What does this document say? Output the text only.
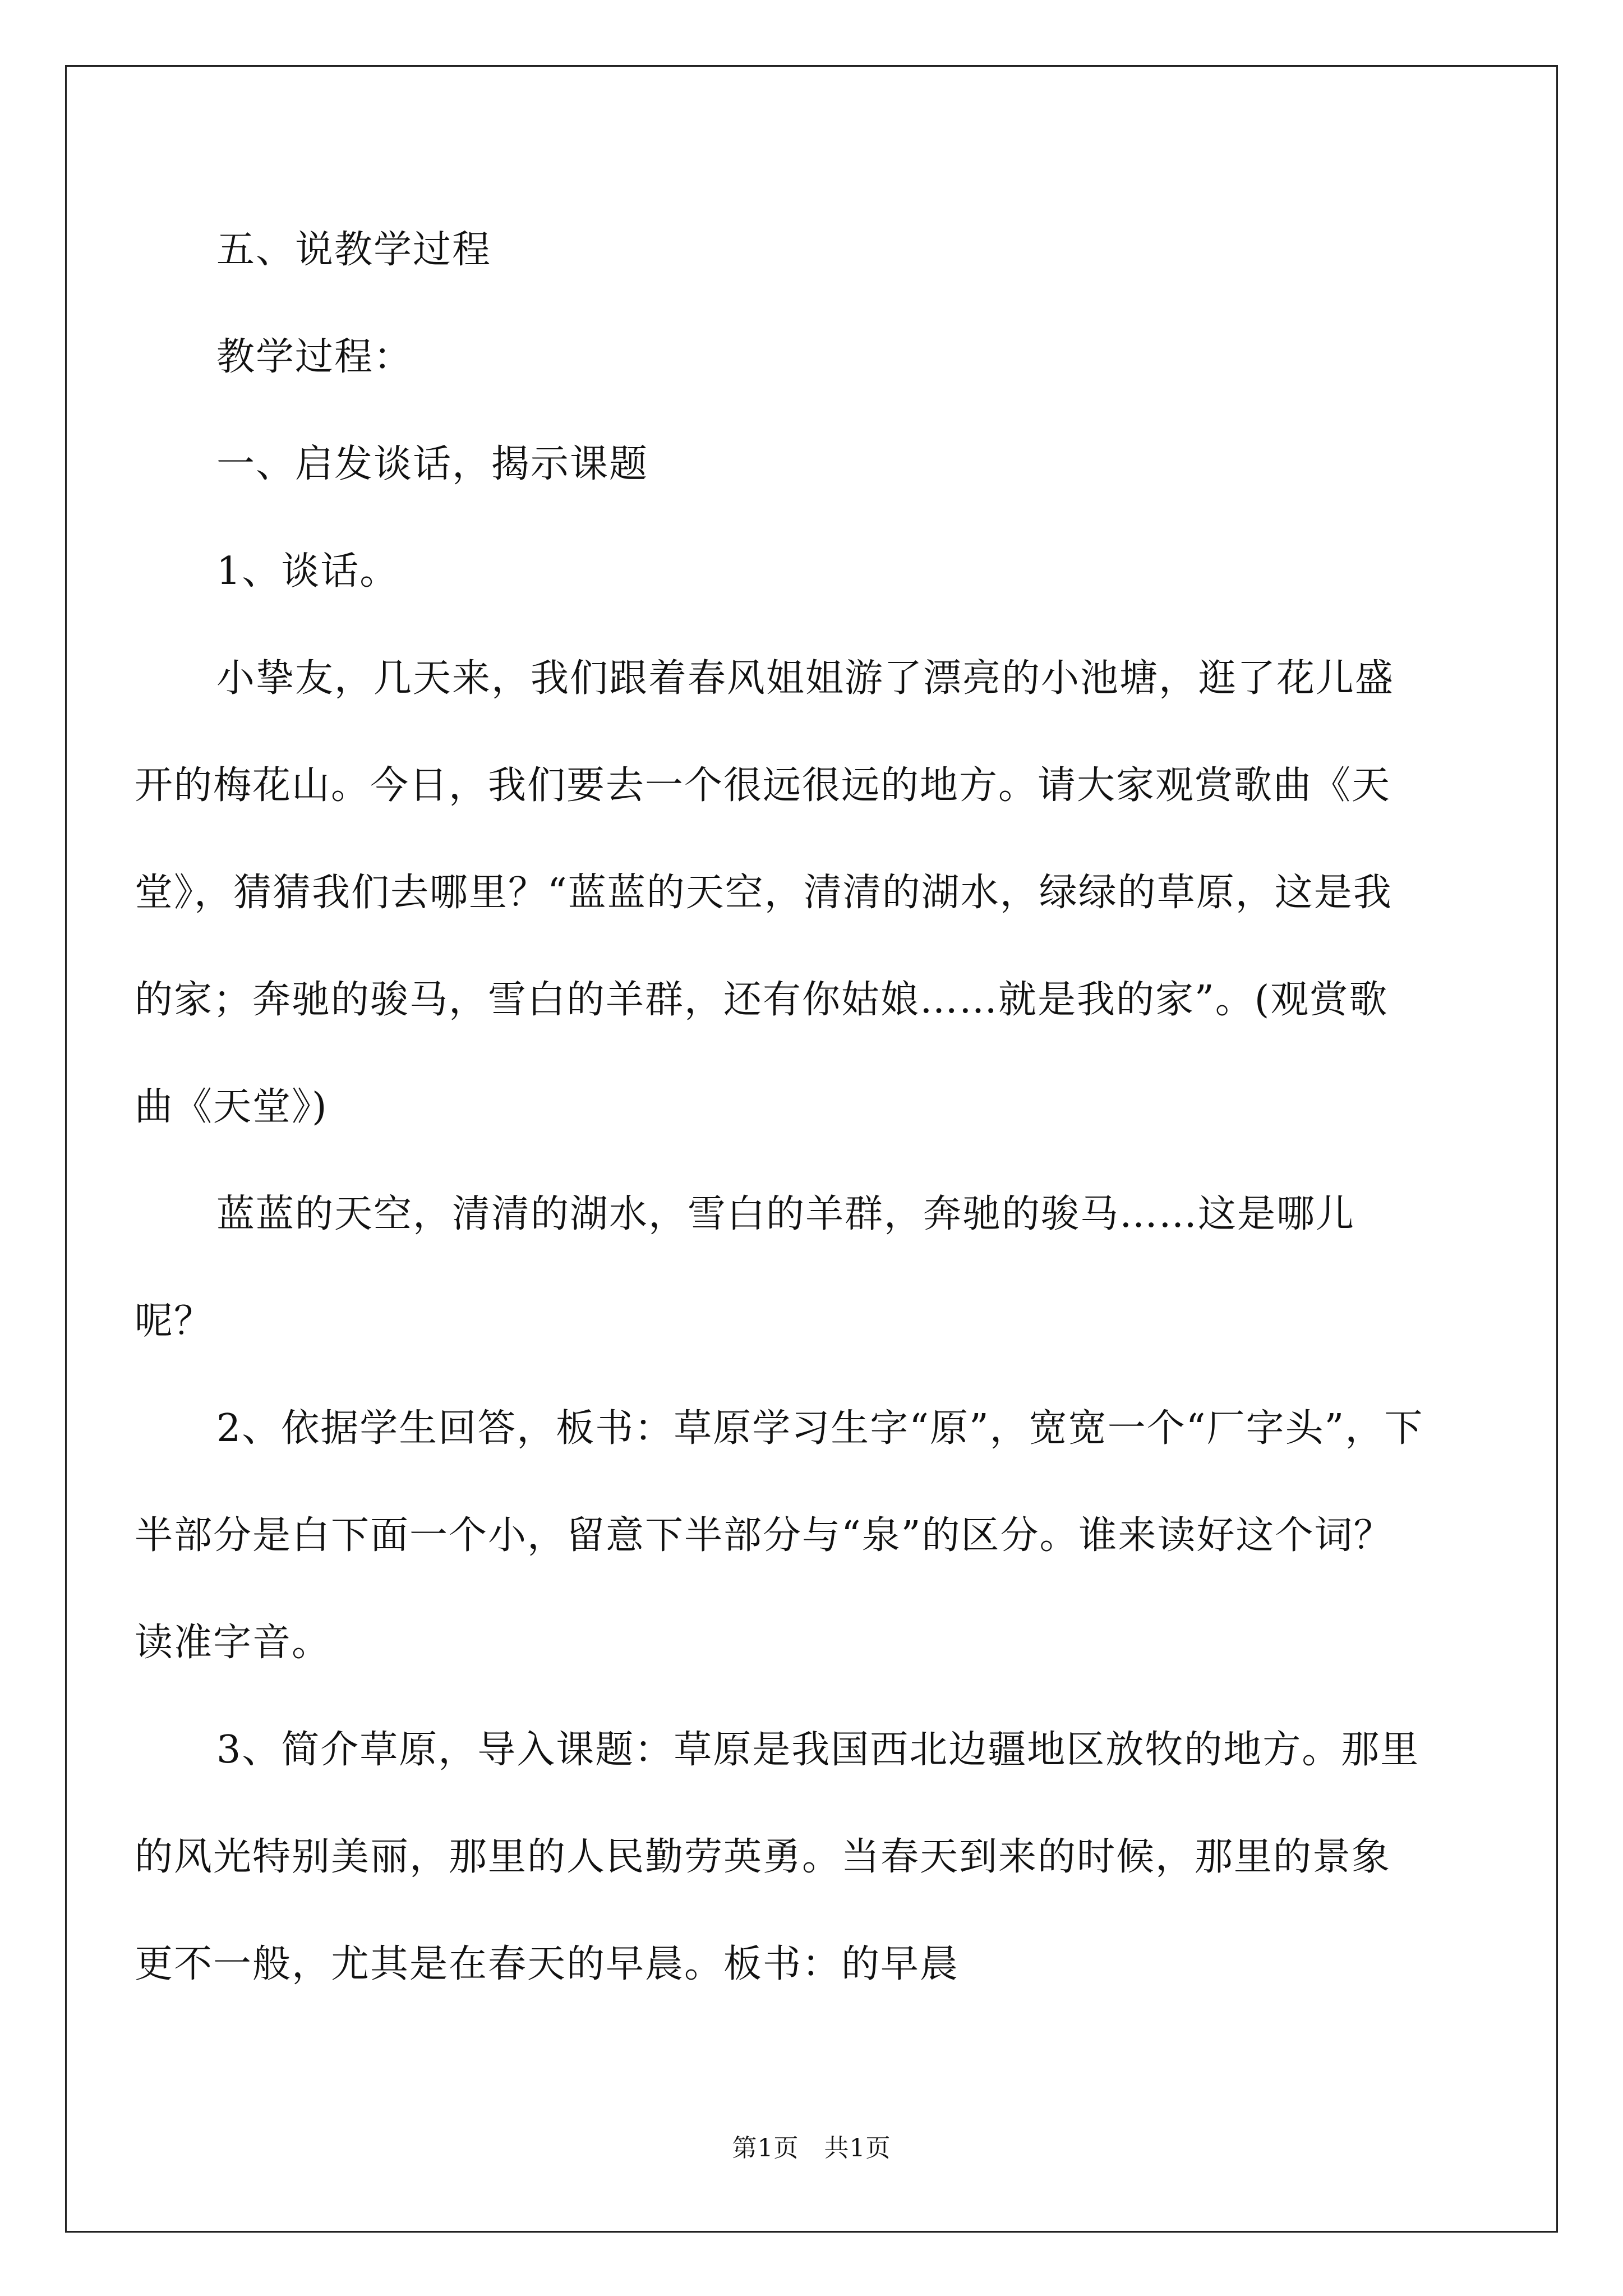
五、说教学过程

教学过程：

一、启发谈话，揭示课题

1、谈话。

小挚友，几天来，我们跟着春风姐姐游了漂亮的小池塘，逛了花儿盛开的梅花山。今日，我们要去一个很远很远的地方。请大家观赏歌曲《天堂》，猜猜我们去哪里？“蓝蓝的天空，清清的湖水，绿绿的草原，这是我的家；奔驰的骏马，雪白的羊群，还有你姑娘……就是我的家”。(观赏歌曲《天堂》)

蓝蓝的天空，清清的湖水，雪白的羊群，奔驰的骏马……这是哪儿呢？

2、依据学生回答，板书：草原学习生字“原”，宽宽一个“厂字头”，下半部分是白下面一个小，留意下半部分与“泉”的区分。谁来读好这个词？读准字音。

3、简介草原，导入课题：草原是我国西北边疆地区放牧的地方。那里的风光特别美丽，那里的人民勤劳英勇。当春天到来的时候，那里的景象更不一般，尤其是在春天的早晨。板书：的早晨

第1页　共1页
